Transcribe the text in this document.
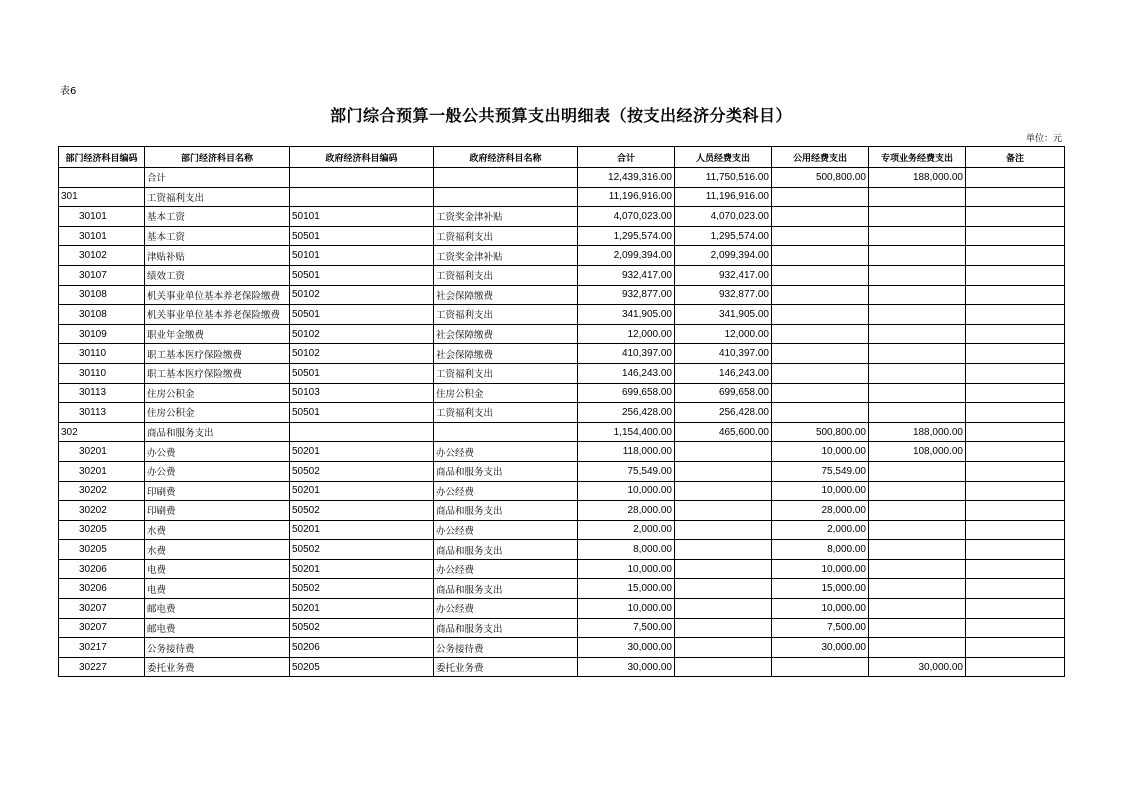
表6
部门综合预算一般公共预算支出明细表（按支出经济分类科目）
单位：元
部门经济科目编码	部门经济科目名称	政府经济科目编码	政府经济科目名称	合计	人员经费支出	公用经费支出	专项业务经费支出	备注
	合计			12,439,316.00	11,750,516.00	500,800.00	188,000.00	
301	工资福利支出			11,196,916.00	11,196,916.00			
30101	基本工资	50101	工资奖金津补贴	4,070,023.00	4,070,023.00			
30101	基本工资	50501	工资福利支出	1,295,574.00	1,295,574.00			
30102	津贴补贴	50101	工资奖金津补贴	2,099,394.00	2,099,394.00			
30107	绩效工资	50501	工资福利支出	932,417.00	932,417.00			
30108	机关事业单位基本养老保险缴费	50102	社会保障缴费	932,877.00	932,877.00			
30108	机关事业单位基本养老保险缴费	50501	工资福利支出	341,905.00	341,905.00			
30109	职业年金缴费	50102	社会保障缴费	12,000.00	12,000.00			
30110	职工基本医疗保险缴费	50102	社会保障缴费	410,397.00	410,397.00			
30110	职工基本医疗保险缴费	50501	工资福利支出	146,243.00	146,243.00			
30113	住房公积金	50103	住房公积金	699,658.00	699,658.00			
30113	住房公积金	50501	工资福利支出	256,428.00	256,428.00			
302	商品和服务支出			1,154,400.00	465,600.00	500,800.00	188,000.00	
30201	办公费	50201	办公经费	118,000.00		10,000.00	108,000.00	
30201	办公费	50502	商品和服务支出	75,549.00		75,549.00		
30202	印刷费	50201	办公经费	10,000.00		10,000.00		
30202	印刷费	50502	商品和服务支出	28,000.00		28,000.00		
30205	水费	50201	办公经费	2,000.00		2,000.00		
30205	水费	50502	商品和服务支出	8,000.00		8,000.00		
30206	电费	50201	办公经费	10,000.00		10,000.00		
30206	电费	50502	商品和服务支出	15,000.00		15,000.00		
30207	邮电费	50201	办公经费	10,000.00		10,000.00		
30207	邮电费	50502	商品和服务支出	7,500.00		7,500.00		
30217	公务接待费	50206	公务接待费	30,000.00		30,000.00		
30227	委托业务费	50205	委托业务费	30,000.00			30,000.00	
